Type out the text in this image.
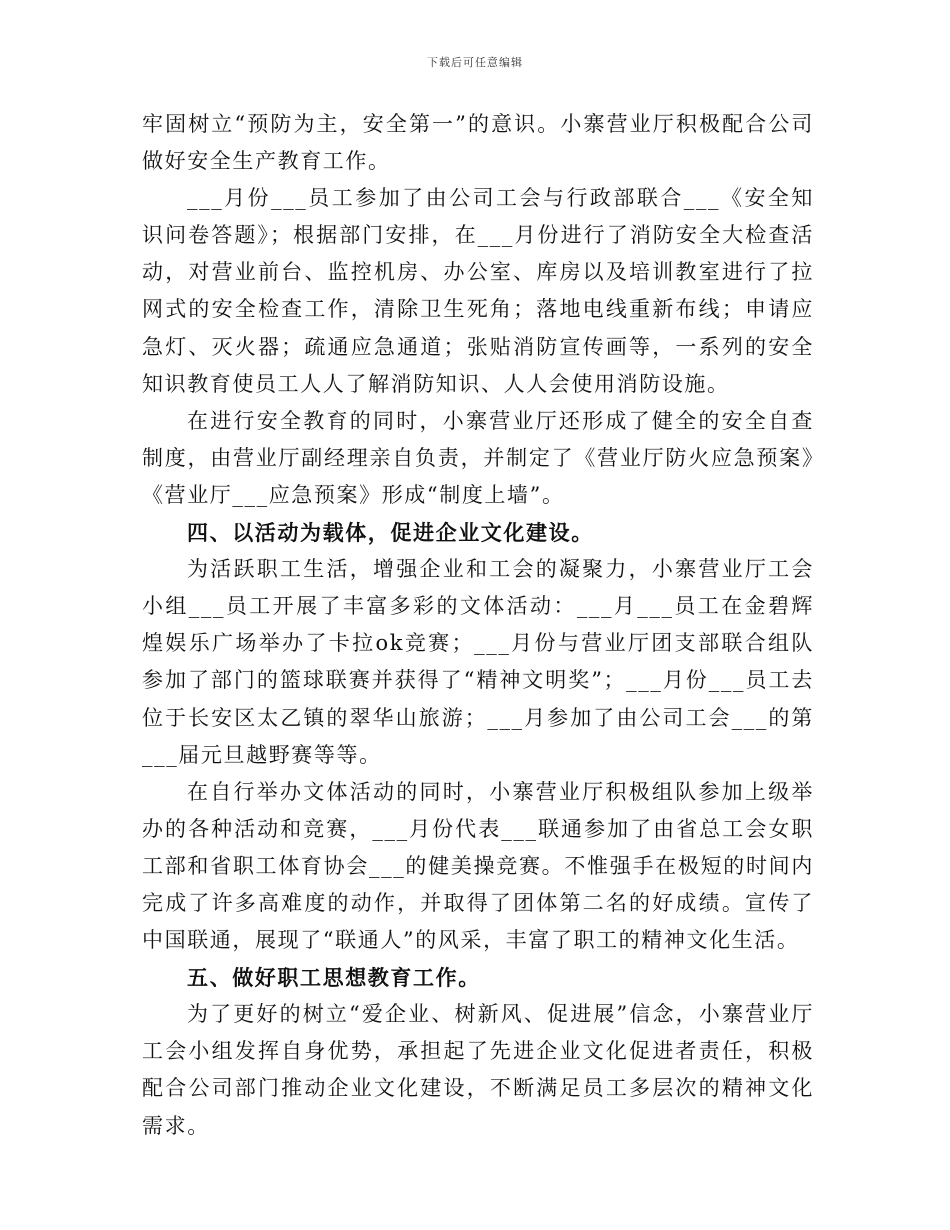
下载后可任意编辑

牢固树立“预防为主，安全第一”的意识。小寨营业厅积极配合公司做好安全生产教育工作。

___月份___员工参加了由公司工会与行政部联合___《安全知识问卷答题》；根据部门安排，在___月份进行了消防安全大检查活动，对营业前台、监控机房、办公室、库房以及培训教室进行了拉网式的安全检查工作，清除卫生死角；落地电线重新布线；申请应急灯、灭火器；疏通应急通道；张贴消防宣传画等，一系列的安全知识教育使员工人人了解消防知识、人人会使用消防设施。

在进行安全教育的同时，小寨营业厅还形成了健全的安全自查制度，由营业厅副经理亲自负责，并制定了《营业厅防火应急预案》《营业厅___应急预案》形成“制度上墙”。

四、以活动为载体，促进企业文化建设。

为活跃职工生活，增强企业和工会的凝聚力，小寨营业厅工会小组___员工开展了丰富多彩的文体活动：___月___员工在金碧辉煌娱乐广场举办了卡拉ok竞赛；___月份与营业厅团支部联合组队参加了部门的篮球联赛并获得了“精神文明奖”；___月份___员工去位于长安区太乙镇的翠华山旅游；___月参加了由公司工会___的第___届元旦越野赛等等。

在自行举办文体活动的同时，小寨营业厅积极组队参加上级举办的各种活动和竞赛，___月份代表___联通参加了由省总工会女职工部和省职工体育协会___的健美操竞赛。不惟强手在极短的时间内完成了许多高难度的动作，并取得了团体第二名的好成绩。宣传了中国联通，展现了“联通人”的风采，丰富了职工的精神文化生活。

五、做好职工思想教育工作。

为了更好的树立“爱企业、树新风、促进展”信念，小寨营业厅工会小组发挥自身优势，承担起了先进企业文化促进者责任，积极配合公司部门推动企业文化建设，不断满足员工多层次的精神文化需求。
